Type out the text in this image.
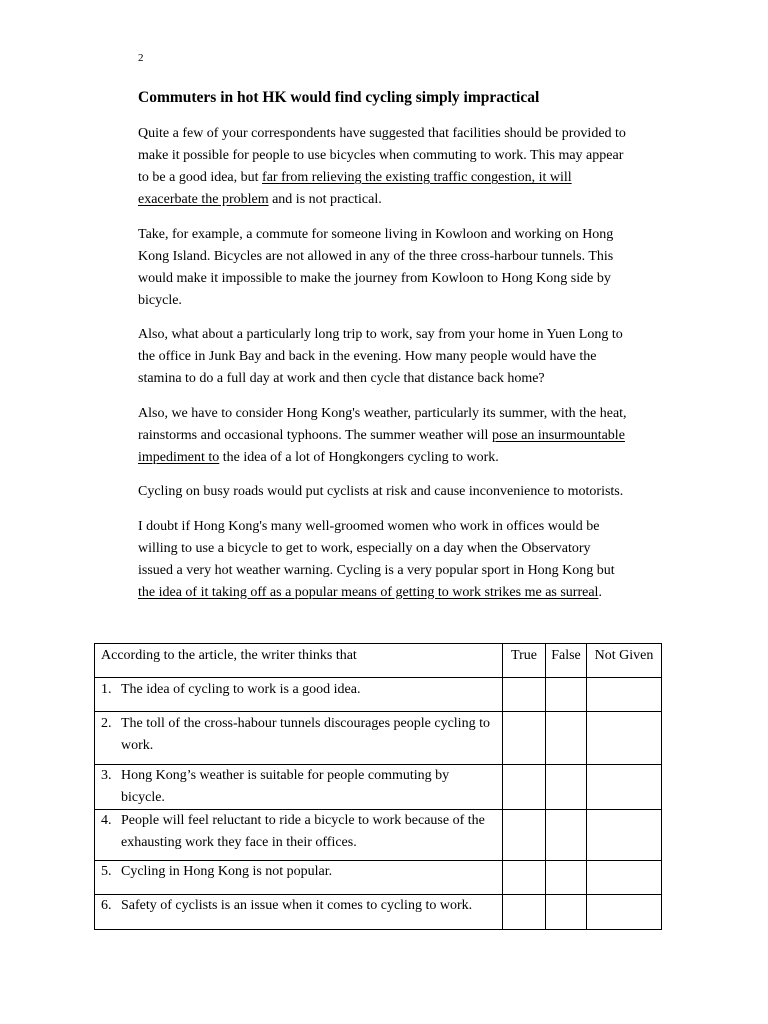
2
Commuters in hot HK would find cycling simply impractical

Quite a few of your correspondents have suggested that facilities should be provided to make it possible for people to use bicycles when commuting to work. This may appear to be a good idea, but far from relieving the existing traffic congestion, it will exacerbate the problem and is not practical.

Take, for example, a commute for someone living in Kowloon and working on Hong Kong Island. Bicycles are not allowed in any of the three cross-harbour tunnels. This would make it impossible to make the journey from Kowloon to Hong Kong side by bicycle.

Also, what about a particularly long trip to work, say from your home in Yuen Long to the office in Junk Bay and back in the evening. How many people would have the stamina to do a full day at work and then cycle that distance back home?

Also, we have to consider Hong Kong's weather, particularly its summer, with the heat, rainstorms and occasional typhoons. The summer weather will pose an insurmountable impediment to the idea of a lot of Hongkongers cycling to work.

Cycling on busy roads would put cyclists at risk and cause inconvenience to motorists.

I doubt if Hong Kong's many well-groomed women who work in offices would be willing to use a bicycle to get to work, especially on a day when the Observatory issued a very hot weather warning. Cycling is a very popular sport in Hong Kong but the idea of it taking off as a popular means of getting to work strikes me as surreal.

According to the article, the writer thinks that	True	False	Not Given

1. The idea of cycling to work is a good idea.			

2. The toll of the cross-habour tunnels discourages people cycling to work.			

3. Hong Kong’s weather is suitable for people commuting by bicycle.			

4. People will feel reluctant to ride a bicycle to work because of the exhausting work they face in their offices.			

5. Cycling in Hong Kong is not popular.			

6. Safety of cyclists is an issue when it comes to cycling to work.			
